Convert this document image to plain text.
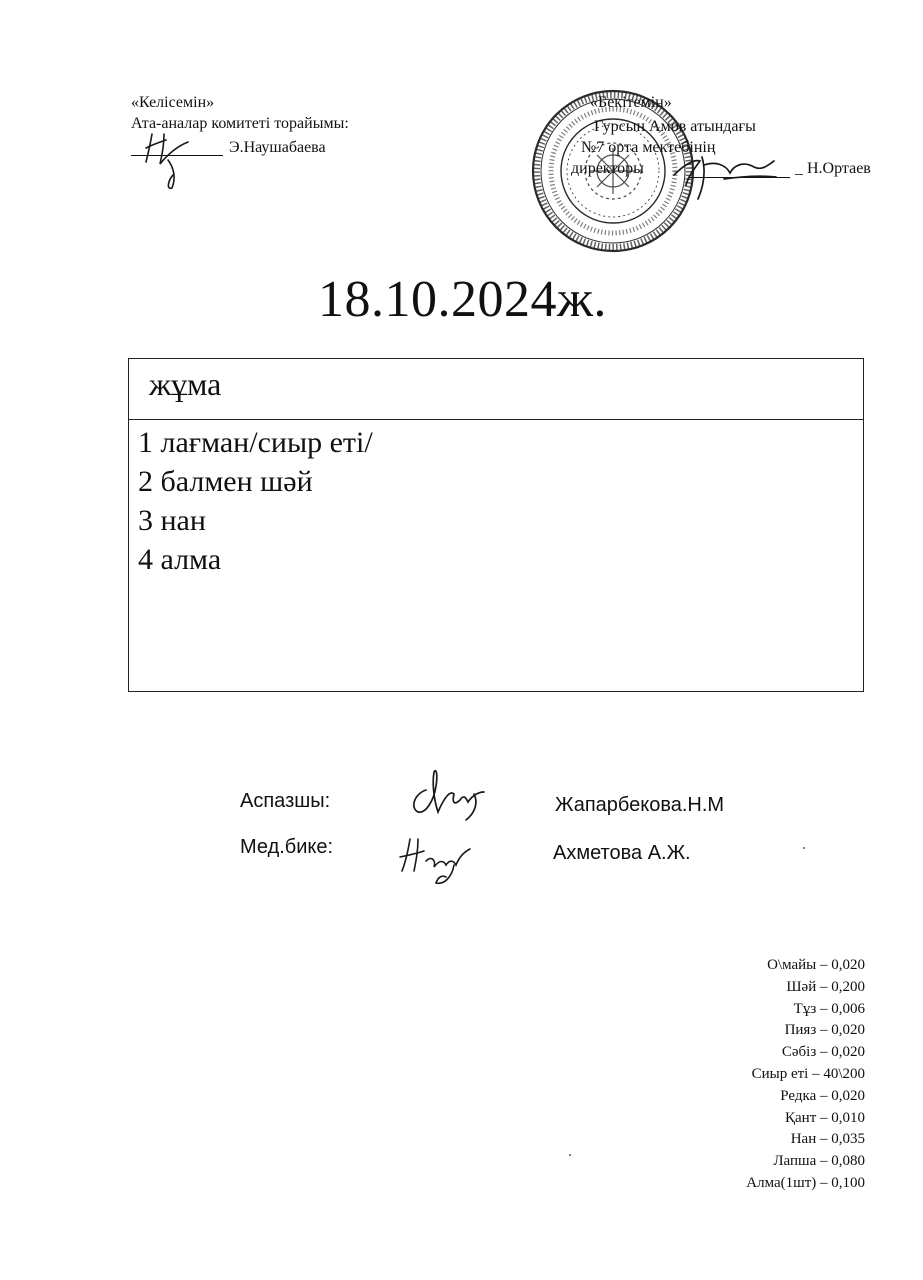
«Келісемін»
Ата-аналар комитеті торайымы:
Э.Наушабаева
«Бекітемін»
Гурсын Амов атындағы
№7 орта мектебінің
директоры	_ Н.Ортаев
18.10.2024ж.
жұма
1 лағман/сиыр еті/
2 балмен шәй
3 нан
4 алма
Аспазшы:	Жапарбекова.Н.М
Мед.бике:	Ахметова А.Ж.
О\майы – 0,020
Шәй – 0,200
Тұз – 0,006
Пияз – 0,020
Сәбіз – 0,020
Сиыр еті – 40\200
Редка – 0,020
Қант – 0,010
Нан – 0,035
Лапша – 0,080
Алма(1шт) – 0,100
